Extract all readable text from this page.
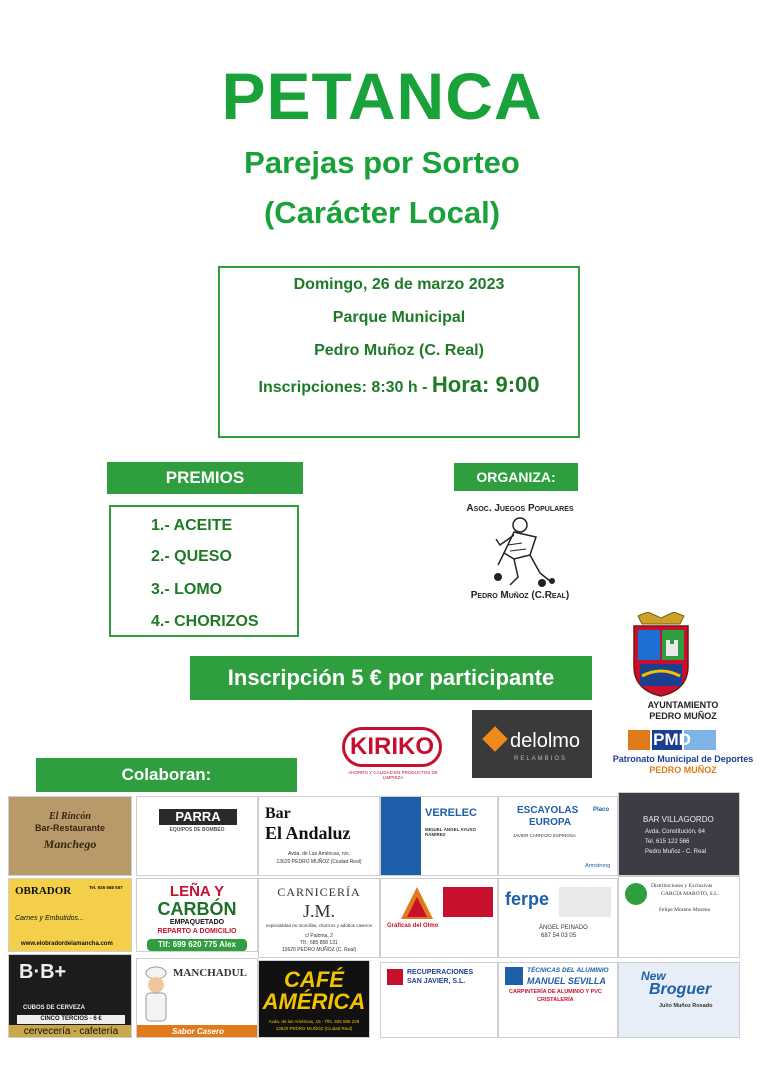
PETANCA
Parejas por Sorteo
(Carácter Local)
Domingo, 26 de marzo 2023
Parque Municipal
Pedro Muñoz (C. Real)
Inscripciones: 8:30 h - Hora: 9:00
PREMIOS
1.- ACEITE
2.- QUESO
3.- LOMO
4.- CHORIZOS
ORGANIZA:
Asoc. Juegos Populares
Pedro Muñoz (C.Real)
AYUNTAMIENTO
PEDRO MUÑOZ
PMD
Patronato Municipal de Deportes
PEDRO MUÑOZ
Inscripción 5 € por participante
KIRIKO
AHORRO Y CALIDAD EN PRODUCTOS DE LIMPIEZA
delolmo
RELAMBIOS
Colaboran:
El Rincón
Bar-Restaurante
Manchego
PARRA
EQUIPOS DE BOMBEO
Bar
El Andaluz
Avda. de Las Américas, n/s.
13620 PEDRO MUÑOZ (Ciudad Real)
VERELEC
MIGUEL ÁNGEL AYUSO RAMÍREZ
ESCAYOLAS
EUROPA
JAVIER CARRAZO ESPINOSA
Placo
Armstrong
BAR VILLAGORDO
Avda. Constitución, 64
Tel. 615 122 566
Pedro Muñoz - C. Real
OBRADOR	Tel. 926 568 557
Carnes y Embutidos...
www.elobradordelamancha.com
LEÑA Y
CARBÓN
EMPAQUETADO
REPARTO A DOMICILIO
Tlf: 699 620 775 Alex
CARNICERÍA
J.M.
especialidad en morcillas, chorizos y adobos caseros
c/ Paloma, 2
Tlf.: 685 858 131
13620 PEDRO MUÑOZ (C. Real)
Gráficas del Olmo
ferpe
ÁNGEL PEINADO
687 54 03 05
Distribuciones y Exclusivas
GARCÍA MAROTO, S.L.
Felipe Moreno Moreno
B·B+
CUBOS DE CERVEZA
CINCO TERCIOS - 6 €
cervecería - cafetería
MANCHADUL
Sabor Casero
CAFÉ
AMÉRICA
Avda. de las Américas, 15 - Tlfs. 926 586 229
13620 PEDRO MUÑOZ (Ciudad Real)
RECUPERACIONES
SAN JAVIER, S.L.
TÉCNICAS DEL ALUMINIO
MANUEL SEVILLA
CARPINTERÍA DE ALUMINIO Y PVC
CRISTALERÍA
New
Broguer
Julio Muñoz Rosado
